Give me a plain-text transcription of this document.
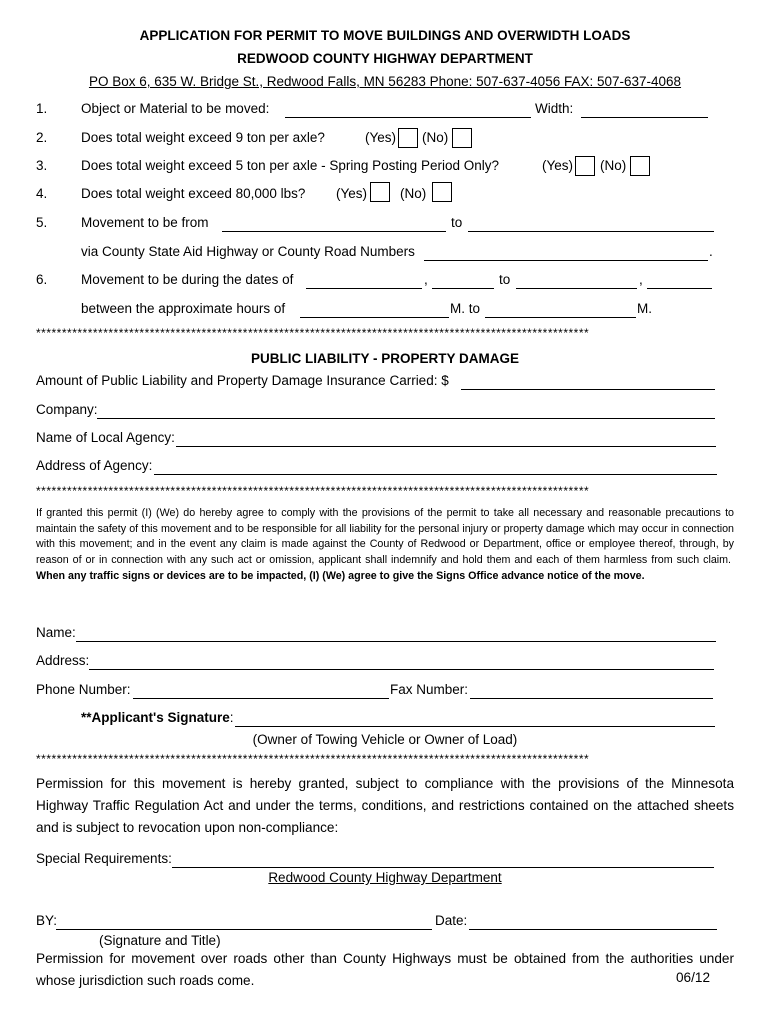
APPLICATION FOR PERMIT TO MOVE BUILDINGS AND OVERWIDTH LOADS
REDWOOD COUNTY HIGHWAY DEPARTMENT
PO Box 6, 635 W. Bridge St., Redwood Falls, MN 56283 Phone: 507-637-4056 FAX: 507-637-4068
1. Object or Material to be moved:	Width:
2. Does total weight exceed 9 ton per axle?	(Yes) (No)
3. Does total weight exceed 5 ton per axle - Spring Posting Period Only?	(Yes) (No)
4. Does total weight exceed 80,000 lbs? (Yes) (No)
5. Movement to be from	to
via County State Aid Highway or County Road Numbers	.
6. Movement to be during the dates of	,	to	,
between the approximate hours of	M. to	M.
***********************************************************************************************************
PUBLIC LIABILITY - PROPERTY DAMAGE
Amount of Public Liability and Property Damage Insurance Carried: $
Company:
Name of Local Agency:
Address of Agency:
***********************************************************************************************************
If granted this permit (I) (We) do hereby agree to comply with the provisions of the permit to take all necessary and reasonable precautions to maintain the safety of this movement and to be responsible for all liability for the personal injury or property damage which may occur in connection with this movement; and in the event any claim is made against the County of Redwood or Department, office or employee thereof, through, by reason of or in connection with any such act or omission, applicant shall indemnify and hold them and each of them harmless from such claim.  When any traffic signs or devices are to be impacted, (I) (We) agree to give the Signs Office advance notice of the move.
Name:
Address:
Phone Number:	Fax Number:
**Applicant's Signature:
(Owner of Towing Vehicle or Owner of Load)
***********************************************************************************************************
Permission for this movement is hereby granted, subject to compliance with the provisions of the Minnesota Highway Traffic Regulation Act and under the terms, conditions, and restrictions contained on the attached sheets and is subject to revocation upon non-compliance:
Special Requirements:
Redwood County Highway Department
BY:	Date:
(Signature and Title)
Permission for movement over roads other than County Highways must be obtained from the authorities under whose jurisdiction such roads come.	06/12
